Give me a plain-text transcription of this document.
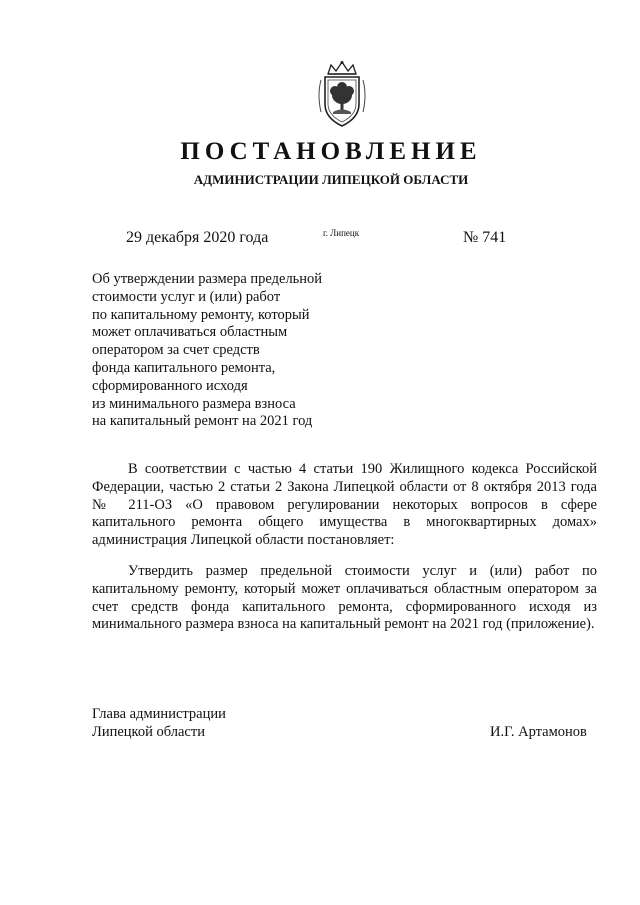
ПОСТАНОВЛЕНИЕ
АДМИНИСТРАЦИИ ЛИПЕЦКОЙ ОБЛАСТИ
29 декабря 2020 года	г. Липецк	№ 741
Об утверждении размера предельной
стоимости услуг и (или) работ
по капитальному ремонту, который
может оплачиваться областным
оператором за счет средств
фонда капитального ремонта,
сформированного исходя
из минимального размера взноса
на капитальный ремонт на 2021 год
В соответствии с частью 4 статьи 190 Жилищного кодекса Российской Федерации, частью 2 статьи 2 Закона Липецкой области от 8 октября 2013 года № 211-ОЗ «О правовом регулировании некоторых вопросов в сфере капитального ремонта общего имущества в многоквартирных домах» администрация Липецкой области постановляет:
Утвердить размер предельной стоимости услуг и (или) работ по капитальному ремонту, который может оплачиваться областным оператором за счет средств фонда капитального ремонта, сформированного исходя из минимального размера взноса на капитальный ремонт на 2021 год (приложение).
Глава администрации
Липецкой области	И.Г. Артамонов
